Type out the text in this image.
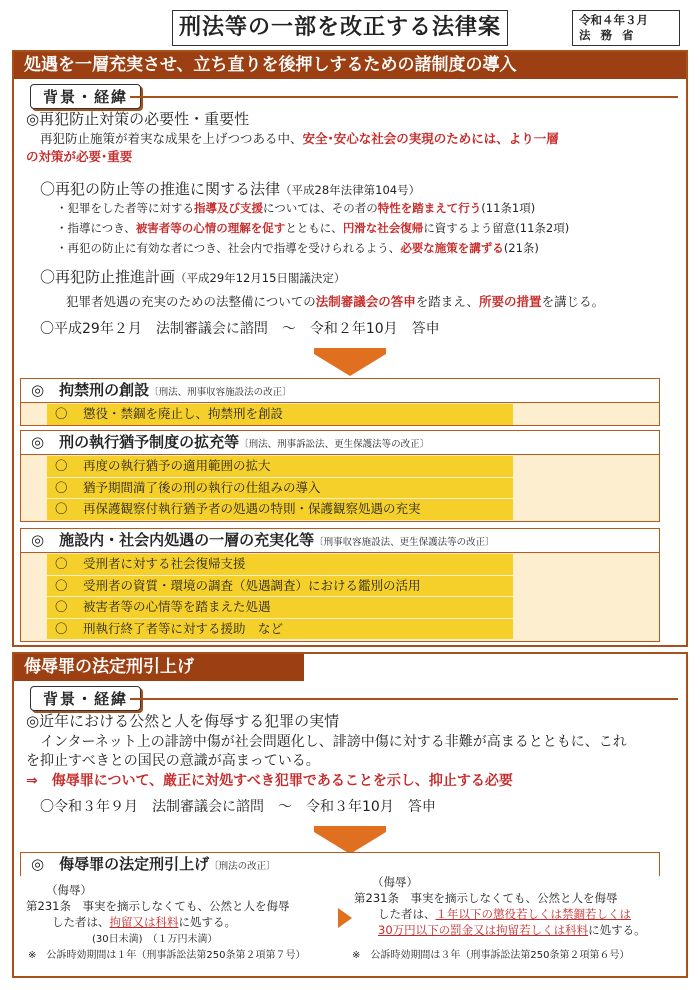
刑法等の一部を改正する法律案	令和４年３月
法務省
処遇を一層充実させ、立ち直りを後押しするための諸制度の導入
背景・経緯
◎再犯防止対策の必要性・重要性
再犯防止施策が着実な成果を上げつつある中、安全･安心な社会の実現のためには、より一層
の対策が必要･重要
〇再犯の防止等の推進に関する法律（平成28年法律第104号）
・犯罪をした者等に対する指導及び支援については、その者の特性を踏まえて行う(11条1項)
・指導につき、被害者等の心情の理解を促すとともに、円滑な社会復帰に資するよう留意(11条2項)
・再犯の防止に有効な者につき、社会内で指導を受けられるよう、必要な施策を講ずる(21条)
〇再犯防止推進計画（平成29年12月15日閣議決定）
犯罪者処遇の充実のための法整備についての法制審議会の答申を踏まえ、所要の措置を講じる。
〇平成29年２月　法制審議会に諮問　～　令和２年10月　答申
◎　拘禁刑の創設〔刑法、刑事収容施設法の改正〕
〇 懲役・禁錮を廃止し、拘禁刑を創設
◎　刑の執行猶予制度の拡充等〔刑法、刑事訴訟法、更生保護法等の改正〕
〇 再度の執行猶予の適用範囲の拡大
〇 猶予期間満了後の刑の執行の仕組みの導入
〇 再保護観察付執行猶予者の処遇の特則・保護観察処遇の充実
◎　施設内・社会内処遇の一層の充実化等〔刑事収容施設法、更生保護法等の改正〕
〇 受刑者に対する社会復帰支援
〇 受刑者の資質・環境の調査（処遇調査）における鑑別の活用
〇 被害者等の心情等を踏まえた処遇
〇 刑執行終了者等に対する援助　など
侮辱罪の法定刑引上げ
背景・経緯
◎近年における公然と人を侮辱する犯罪の実情
インターネット上の誹謗中傷が社会問題化し、誹謗中傷に対する非難が高まるとともに、これ
を抑止すべきとの国民の意識が高まっている。
⇒　侮辱罪について、厳正に対処すべき犯罪であることを示し、抑止する必要
〇令和３年９月　法制審議会に諮問　～　令和３年10月　答申
◎　侮辱罪の法定刑引上げ〔刑法の改正〕
（侮辱）
第231条　事実を摘示しなくても、公然と人を侮辱
した者は、拘留又は科料に処する。
(30日未満)　 （１万円未満）
※　公訴時効期間は１年（刑事訴訟法第250条第２項第７号）
（侮辱）
第231条　事実を摘示しなくても、公然と人を侮辱
した者は、１年以下の懲役若しくは禁錮若しくは
30万円以下の罰金又は拘留若しくは科料に処する。
※　公訴時効期間は３年（刑事訴訟法第250条第２項第６号）
